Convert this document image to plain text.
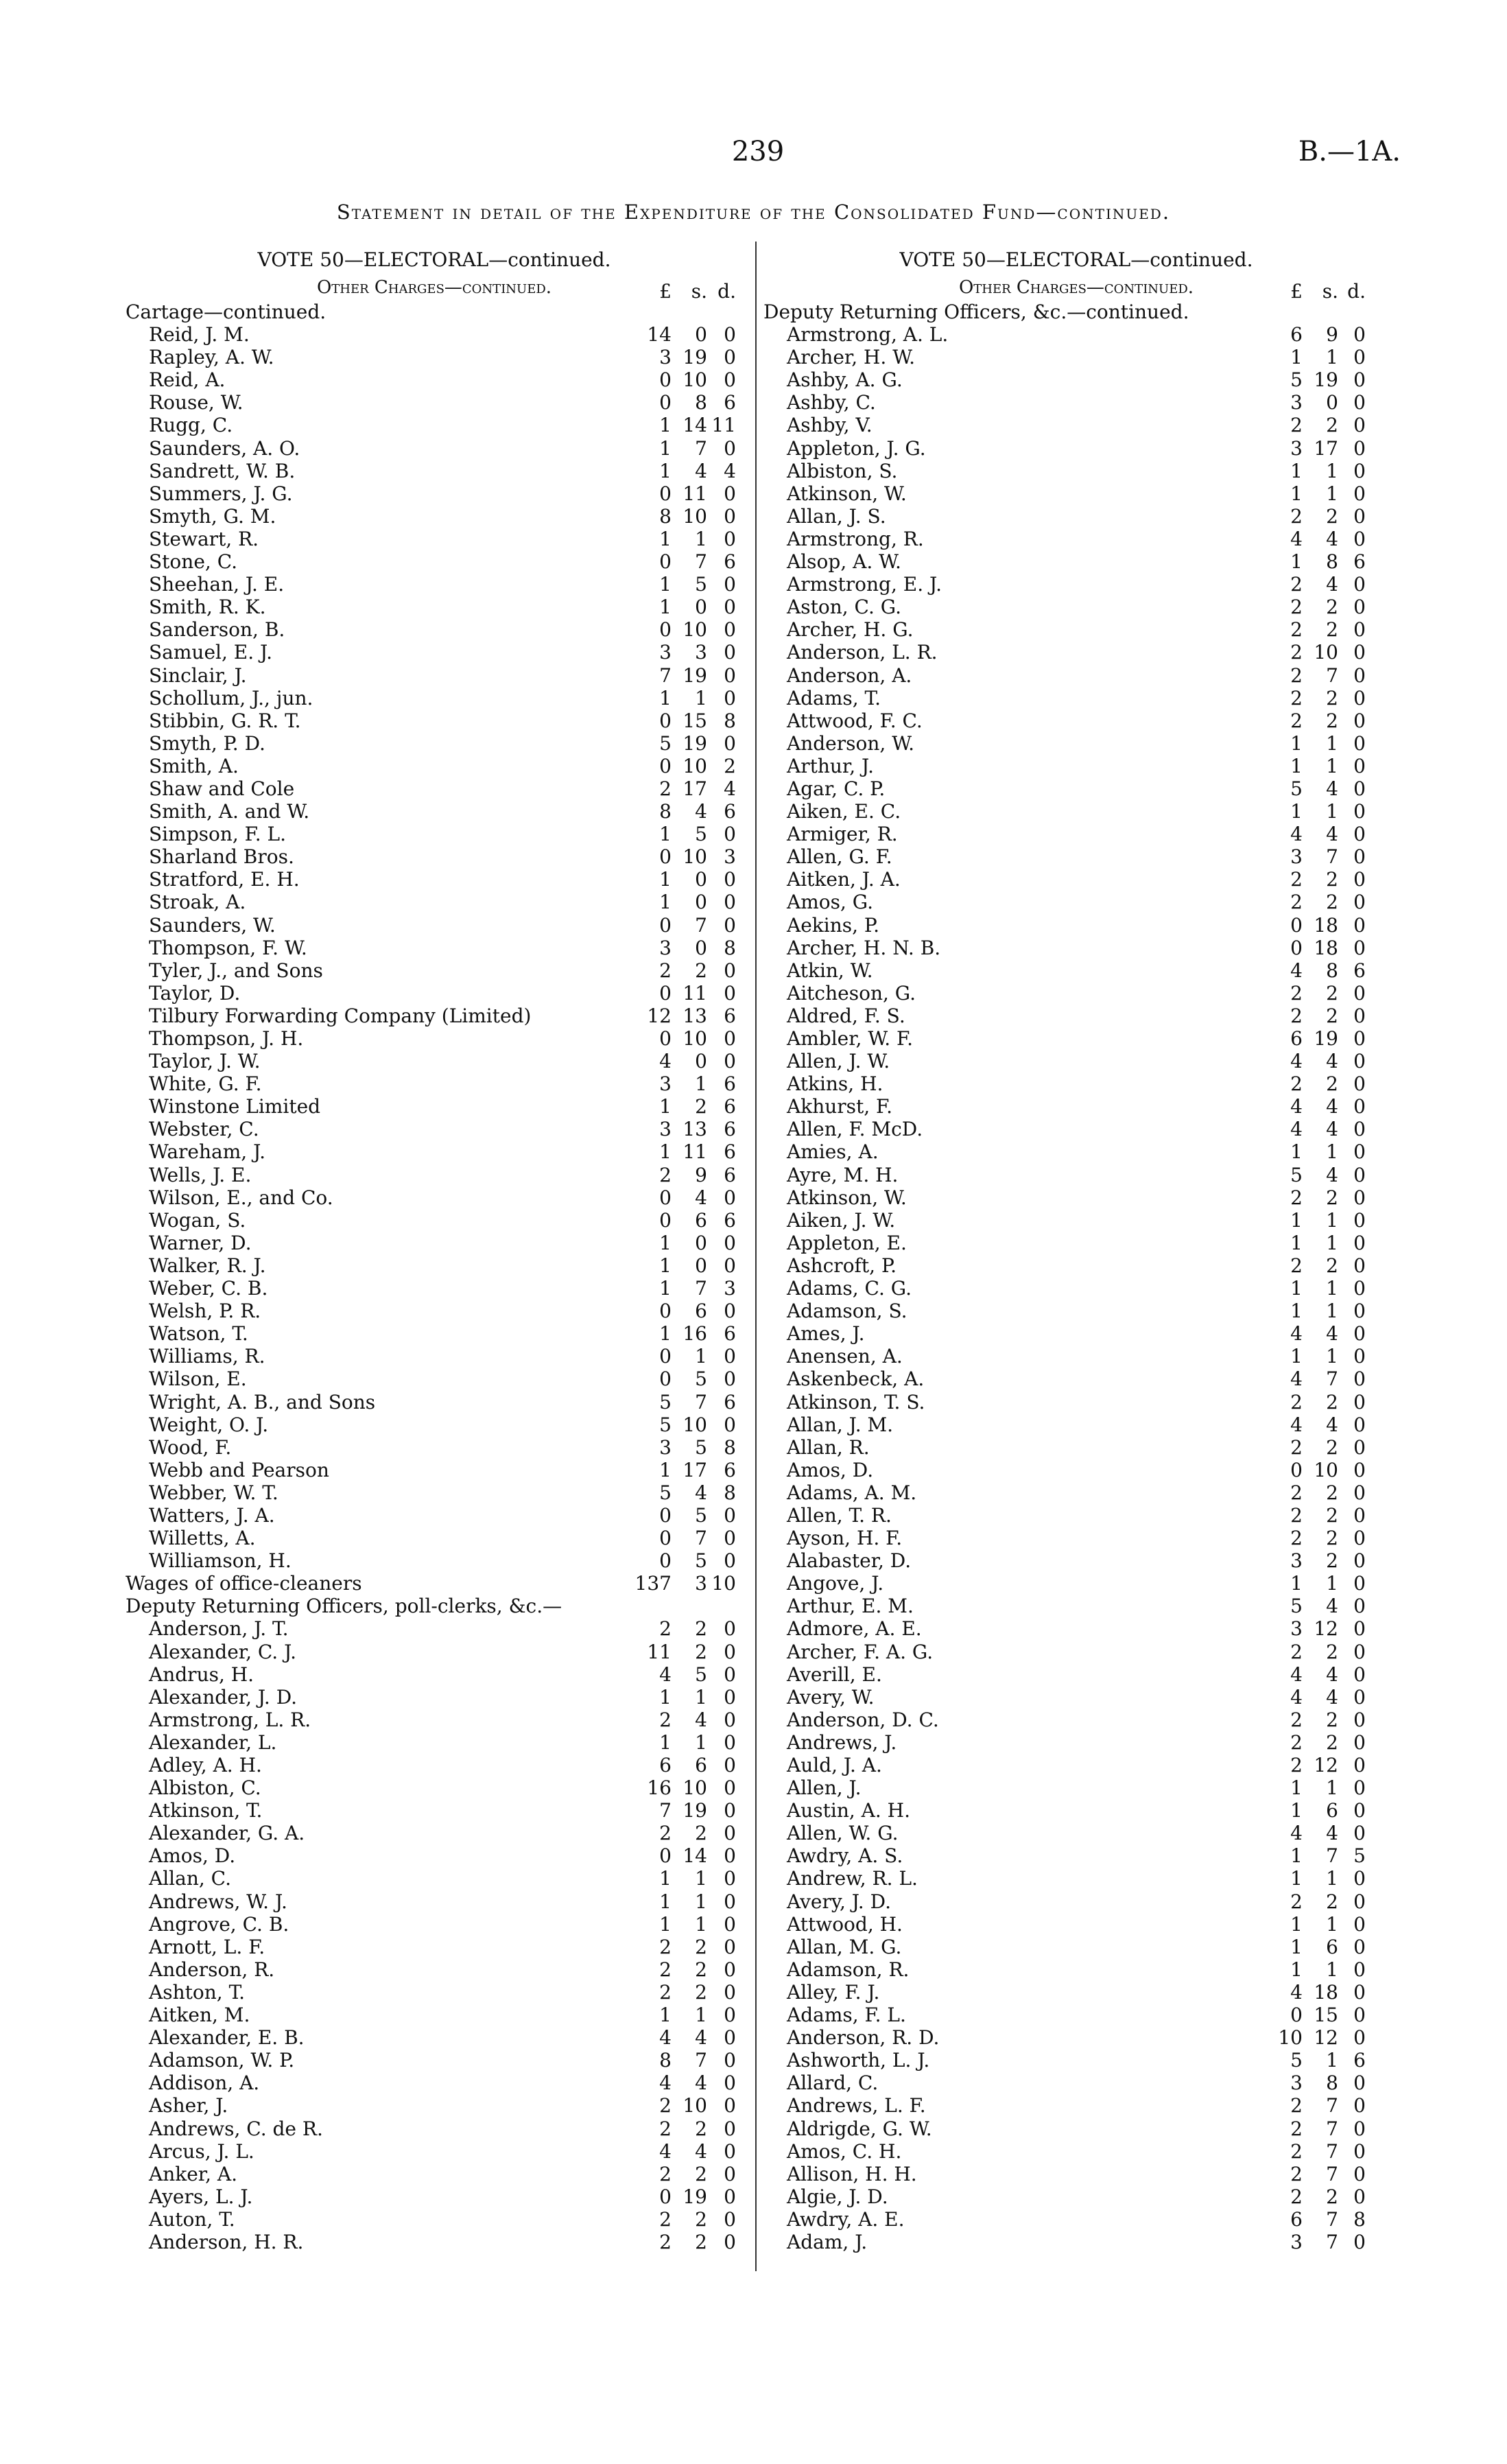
239	B.—1A.
Statement in detail of the Expenditure of the Consolidated Fund—continued.
VOTE 50—ELECTORAL—continued.
Other Charges—continued.	£	s. d.
Cartage—continued.
Reid, J. M.	14	0 0
Rapley, A. W.	3 19 0
Reid, A.	0 10 0
Rouse, W.	0	8 6
Rugg, C.	1 14 11
Saunders, A. O.	1	7 0
Sandrett, W. B.	1	4 4
Summers, J. G.	0 11 0
Smyth, G. M.	8 10 0
Stewart, R.	1	1 0
Stone, C.	0	7 6
Sheehan, J. E.	1	5 0
Smith, R. K.	1	0 0
Sanderson, B.	0 10 0
Samuel, E. J.	3	3 0
Sinclair, J.	7 19 0
Schollum, J., jun.	1	1 0
Stibbin, G. R. T.	0 15 8
Smyth, P. D.	5 19 0
Smith, A.	0 10 2
Shaw and Cole	2 17 4
Smith, A. and W.	8	4 6
Simpson, F. L.	1	5 0
Sharland Bros.	0 10 3
Stratford, E. H.	1	0 0
Stroak, A.	1	0 0
Saunders, W.	0	7 0
Thompson, F. W.	3	0 8
Tyler, J., and Sons	2	2 0
Taylor, D.	0 11 0
Tilbury Forwarding Company (Limited)	12 13 6
Thompson, J. H.	0 10 0
Taylor, J. W.	4	0 0
White, G. F.	3	1 6
Winstone Limited	1	2 6
Webster, C.	3 13 6
Wareham, J.	1 11 6
Wells, J. E.	2	9 6
Wilson, E., and Co.	0	4 0
Wogan, S.	0	6 6
Warner, D.	1	0 0
Walker, R. J.	1	0 0
Weber, C. B.	1	7 3
Welsh, P. R.	0	6 0
Watson, T.	1 16 6
Williams, R.	0	1 0
Wilson, E.	0	5 0
Wright, A. B., and Sons	5	7 6
Weight, O. J.	5 10 0
Wood, F.	3	5 8
Webb and Pearson	1 17 6
Webber, W. T.	5	4 8
Watters, J. A.	0	5 0
Willetts, A.	0	7 0
Williamson, H.	0	5 0
Wages of office-cleaners	137	3 10
Deputy Returning Officers, poll-clerks, &c.—
Anderson, J. T.	2	2 0
Alexander, C. J.	11	2 0
Andrus, H.	4	5 0
Alexander, J. D.	1	1 0
Armstrong, L. R.	2	4 0
Alexander, L.	1	1 0
Adley, A. H.	6	6 0
Albiston, C.	16 10 0
Atkinson, T.	7 19 0
Alexander, G. A.	2	2 0
Amos, D.	0 14 0
Allan, C.	1	1 0
Andrews, W. J.	1	1 0
Angrove, C. B.	1	1 0
Arnott, L. F.	2	2 0
Anderson, R.	2	2 0
Ashton, T.	2	2 0
Aitken, M.	1	1 0
Alexander, E. B.	4	4 0
Adamson, W. P.	8	7 0
Addison, A.	4	4 0
Asher, J.	2 10 0
Andrews, C. de R.	2	2 0
Arcus, J. L.	4	4 0
Anker, A.	2	2 0
Ayers, L. J.	0 19 0
Auton, T.	2	2 0
Anderson, H. R.	2	2 0
VOTE 50—ELECTORAL—continued.
Other Charges—continued.	£	s. d.
Deputy Returning Officers, &c.—continued.
Armstrong, A. L.	6	9 0
Archer, H. W.	1	1 0
Ashby, A. G.	5 19 0
Ashby, C.	3	0 0
Ashby, V.	2	2 0
Appleton, J. G.	3 17 0
Albiston, S.	1	1 0
Atkinson, W.	1	1 0
Allan, J. S.	2	2 0
Armstrong, R.	4	4 0
Alsop, A. W.	1	8 6
Armstrong, E. J.	2	4 0
Aston, C. G.	2	2 0
Archer, H. G.	2	2 0
Anderson, L. R.	2 10 0
Anderson, A.	2	7 0
Adams, T.	2	2 0
Attwood, F. C.	2	2 0
Anderson, W.	1	1 0
Arthur, J.	1	1 0
Agar, C. P.	5	4 0
Aiken, E. C.	1	1 0
Armiger, R.	4	4 0
Allen, G. F.	3	7 0
Aitken, J. A.	2	2 0
Amos, G.	2	2 0
Aekins, P.	0 18 0
Archer, H. N. B.	0 18 0
Atkin, W.	4	8 6
Aitcheson, G.	2	2 0
Aldred, F. S.	2	2 0
Ambler, W. F.	6 19 0
Allen, J. W.	4	4 0
Atkins, H.	2	2 0
Akhurst, F.	4	4 0
Allen, F. McD.	4	4 0
Amies, A.	1	1 0
Ayre, M. H.	5	4 0
Atkinson, W.	2	2 0
Aiken, J. W.	1	1 0
Appleton, E.	1	1 0
Ashcroft, P.	2	2 0
Adams, C. G.	1	1 0
Adamson, S.	1	1 0
Ames, J.	4	4 0
Anensen, A.	1	1 0
Askenbeck, A.	4	7 0
Atkinson, T. S.	2	2 0
Allan, J. M.	4	4 0
Allan, R.	2	2 0
Amos, D.	0 10 0
Adams, A. M.	2	2 0
Allen, T. R.	2	2 0
Ayson, H. F.	2	2 0
Alabaster, D.	3	2 0
Angove, J.	1	1 0
Arthur, E. M.	5	4 0
Admore, A. E.	3 12 0
Archer, F. A. G.	2	2 0
Averill, E.	4	4 0
Avery, W.	4	4 0
Anderson, D. C.	2	2 0
Andrews, J.	2	2 0
Auld, J. A.	2 12 0
Allen, J.	1	1 0
Austin, A. H.	1	6 0
Allen, W. G.	4	4 0
Awdry, A. S.	1	7 5
Andrew, R. L.	1	1 0
Avery, J. D.	2	2 0
Attwood, H.	1	1 0
Allan, M. G.	1	6 0
Adamson, R.	1	1 0
Alley, F. J.	4 18 0
Adams, F. L.	0 15 0
Anderson, R. D.	10 12 0
Ashworth, L. J.	5	1 6
Allard, C.	3	8 0
Andrews, L. F.	2	7 0
Aldrigde, G. W.	2	7 0
Amos, C. H.	2	7 0
Allison, H. H.	2	7 0
Algie, J. D.	2	2 0
Awdry, A. E.	6	7 8
Adam, J.	3	7 0
